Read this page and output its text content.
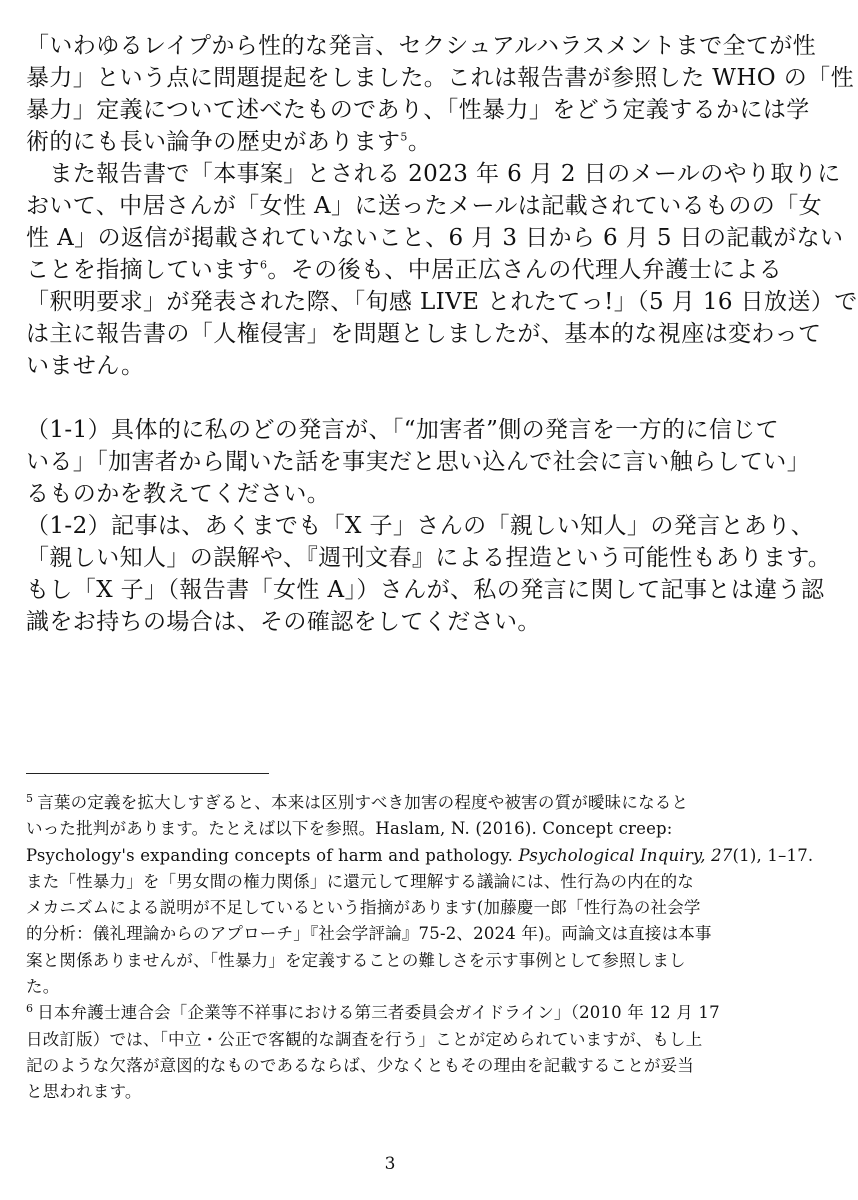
「いわゆるレイプから性的な発言、セクシュアルハラスメントまで全てが性
暴力」という点に問題提起をしました。これは報告書が参照した WHO の「性
暴力」定義について述べたものであり、「性暴力」をどう定義するかには学
術的にも長い論争の歴史があります$^5$。
　また報告書で「本事案」とされる 2023 年 6 月 2 日のメールのやり取りに
おいて、中居さんが「女性 A」に送ったメールは記載されているものの「女
性 A」の返信が掲載されていないこと、6 月 3 日から 6 月 5 日の記載がない
ことを指摘しています$^6$。その後も、中居正広さんの代理人弁護士による
「釈明要求」が発表された際、「旬感 LIVE とれたてっ!」（5 月 16 日放送）で
は主に報告書の「人権侵害」を問題としましたが、基本的な視座は変わって
いません。
（1-1）具体的に私のどの発言が、「“加害者”側の発言を一方的に信じて
いる」「加害者から聞いた話を事実だと思い込んで社会に言い触らしてい」
るものかを教えてください。
（1-2）記事は、あくまでも「X 子」さんの「親しい知人」の発言とあり、
「親しい知人」の誤解や、『週刊文春』による捏造という可能性もあります。
もし「X 子」（報告書「女性 A」）さんが、私の発言に関して記事とは違う認
識をお持ちの場合は、その確認をしてください。
$^5$ 言葉の定義を拡大しすぎると、本来は区別すべき加害の程度や被害の質が曖昧になると
いった批判があります。たとえば以下を参照。Haslam, N. (2016). Concept creep:
Psychology's expanding concepts of harm and pathology. Psychological Inquiry, 27(1), 1–17.
また「性暴力」を「男女間の権力関係」に還元して理解する議論には、性行為の内在的な
メカニズムによる説明が不足しているという指摘があります(加藤慶一郎「性行為の社会学
的分析：儀礼理論からのアプローチ」『社会学評論』75-2、2024 年)。両論文は直接は本事
案と関係ありませんが、「性暴力」を定義することの難しさを示す事例として参照しまし
た。
$^6$ 日本弁護士連合会「企業等不祥事における第三者委員会ガイドライン」（2010 年 12 月 17
日改訂版）では、「中立・公正で客観的な調査を行う」ことが定められていますが、もし上
記のような欠落が意図的なものであるならば、少なくともその理由を記載することが妥当
と思われます。
3
